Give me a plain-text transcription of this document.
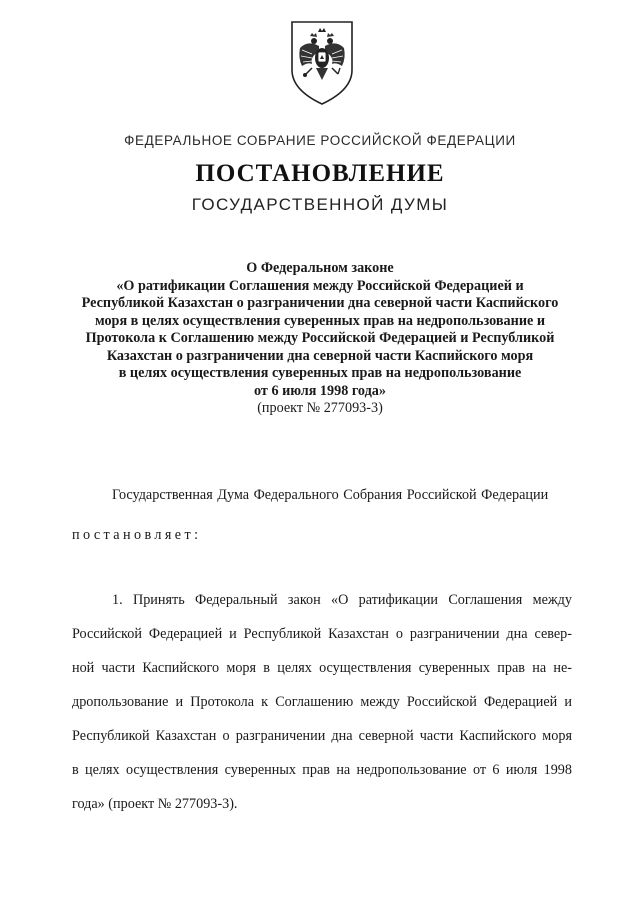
ФЕДЕРАЛЬНОЕ СОБРАНИЕ РОССИЙСКОЙ ФЕДЕРАЦИИ
ПОСТАНОВЛЕНИЕ
ГОСУДАРСТВЕННОЙ ДУМЫ
О Федеральном законе
«О ратификации Соглашения между Российской Федерацией и
Республикой Казахстан о разграничении дна северной части Каспийского
моря в целях осуществления суверенных прав на недропользование и
Протокола к Соглашению между Российской Федерацией и Республикой
Казахстан о разграничении дна северной части Каспийского моря
в целях осуществления суверенных прав на недропользование
от 6 июля 1998 года»
(проект № 277093-3)
Государственная Дума Федерального Собрания Российской Федерации
постановляет:
1. Принять Федеральный закон «О ратификации Соглашения между
Российской Федерацией и Республикой Казахстан о разграничении дна север-
ной части Каспийского моря в целях осуществления суверенных прав на не-
дропользование и Протокола к Соглашению между Российской Федерацией и
Республикой Казахстан о разграничении дна северной части Каспийского моря
в целях осуществления суверенных прав на недропользование от 6 июля 1998
года» (проект № 277093-3).
